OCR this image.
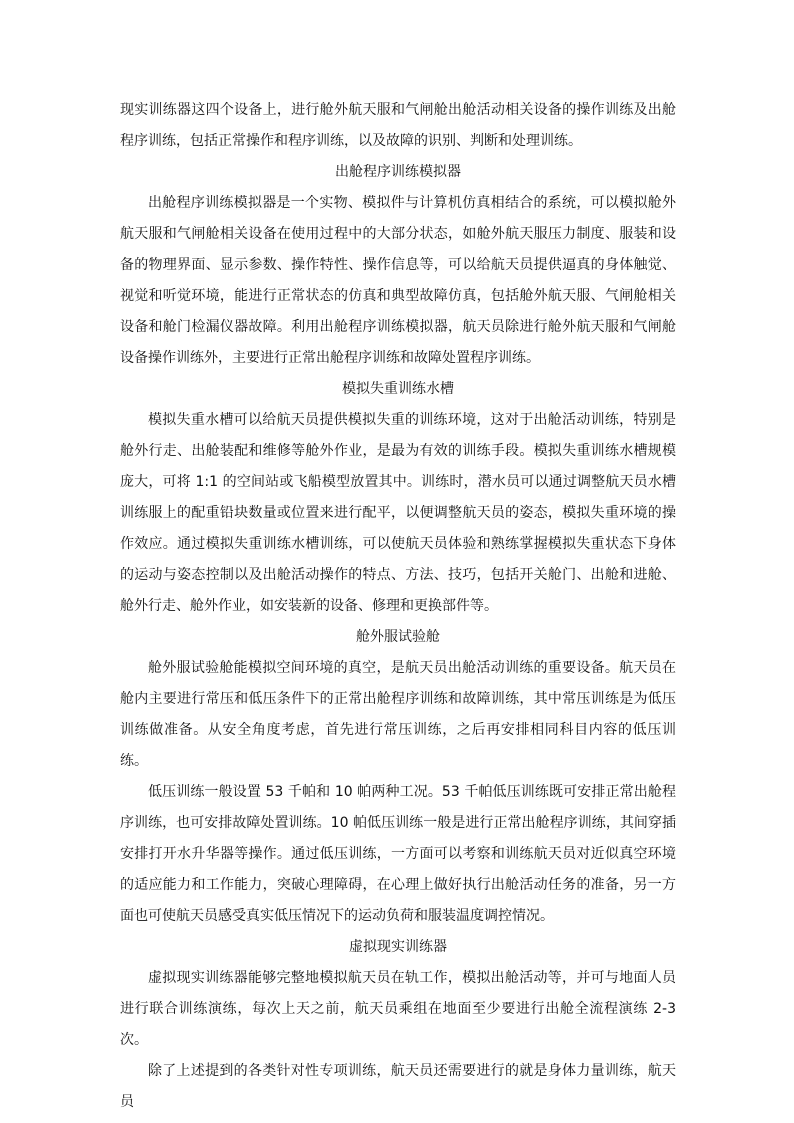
现实训练器这四个设备上，进行舱外航天服和气闸舱出舱活动相关设备的操作训练及出舱程序训练，包括正常操作和程序训练，以及故障的识别、判断和处理训练。

出舱程序训练模拟器

出舱程序训练模拟器是一个实物、模拟件与计算机仿真相结合的系统，可以模拟舱外航天服和气闸舱相关设备在使用过程中的大部分状态，如舱外航天服压力制度、服装和设备的物理界面、显示参数、操作特性、操作信息等，可以给航天员提供逼真的身体触觉、视觉和听觉环境，能进行正常状态的仿真和典型故障仿真，包括舱外航天服、气闸舱相关设备和舱门检漏仪器故障。利用出舱程序训练模拟器，航天员除进行舱外航天服和气闸舱设备操作训练外，主要进行正常出舱程序训练和故障处置程序训练。

模拟失重训练水槽

模拟失重水槽可以给航天员提供模拟失重的训练环境，这对于出舱活动训练，特别是舱外行走、出舱装配和维修等舱外作业，是最为有效的训练手段。模拟失重训练水槽规模庞大，可将 1:1 的空间站或飞船模型放置其中。训练时，潜水员可以通过调整航天员水槽训练服上的配重铅块数量或位置来进行配平，以便调整航天员的姿态，模拟失重环境的操作效应。通过模拟失重训练水槽训练，可以使航天员体验和熟练掌握模拟失重状态下身体的运动与姿态控制以及出舱活动操作的特点、方法、技巧，包括开关舱门、出舱和进舱、舱外行走、舱外作业，如安装新的设备、修理和更换部件等。

舱外服试验舱

舱外服试验舱能模拟空间环境的真空，是航天员出舱活动训练的重要设备。航天员在舱内主要进行常压和低压条件下的正常出舱程序训练和故障训练，其中常压训练是为低压训练做准备。从安全角度考虑，首先进行常压训练，之后再安排相同科目内容的低压训练。

低压训练一般设置 53 千帕和 10 帕两种工况。53 千帕低压训练既可安排正常出舱程序训练，也可安排故障处置训练。10 帕低压训练一般是进行正常出舱程序训练，其间穿插安排打开水升华器等操作。通过低压训练，一方面可以考察和训练航天员对近似真空环境的适应能力和工作能力，突破心理障碍，在心理上做好执行出舱活动任务的准备，另一方面也可使航天员感受真实低压情况下的运动负荷和服装温度调控情况。

虚拟现实训练器

虚拟现实训练器能够完整地模拟航天员在轨工作，模拟出舱活动等，并可与地面人员进行联合训练演练，每次上天之前，航天员乘组在地面至少要进行出舱全流程演练 2-3 次。

除了上述提到的各类针对性专项训练，航天员还需要进行的就是身体力量训练，航天员
